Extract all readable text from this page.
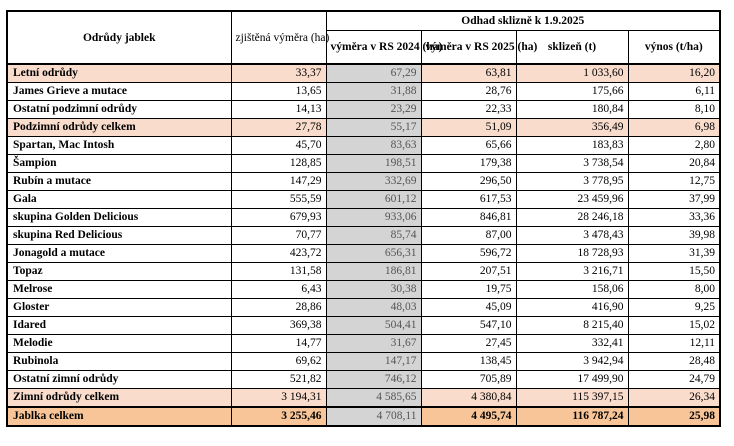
Odrůdy jablek	zjištěná výměra (ha)	Odhad sklizně k 1.9.2025			
		výměra v RS 2024 (ha)	výměra v RS 2025 (ha)	sklizeň (t)	výnos (t/ha)
Letní odrůdy	33,37	67,29	63,81	1 033,60	16,20
James Grieve a mutace	13,65	31,88	28,76	175,66	6,11
Ostatní podzimní odrůdy	14,13	23,29	22,33	180,84	8,10
Podzimní odrůdy celkem	27,78	55,17	51,09	356,49	6,98
Spartan, Mac Intosh	45,70	83,63	65,66	183,83	2,80
Šampion	128,85	198,51	179,38	3 738,54	20,84
Rubín a mutace	147,29	332,69	296,50	3 778,95	12,75
Gala	555,59	601,12	617,53	23 459,96	37,99
skupina Golden Delicious	679,93	933,06	846,81	28 246,18	33,36
skupina Red Delicious	70,77	85,74	87,00	3 478,43	39,98
Jonagold a mutace	423,72	656,31	596,72	18 728,93	31,39
Topaz	131,58	186,81	207,51	3 216,71	15,50
Melrose	6,43	30,38	19,75	158,06	8,00
Gloster	28,86	48,03	45,09	416,90	9,25
Idared	369,38	504,41	547,10	8 215,40	15,02
Melodie	14,77	31,67	27,45	332,41	12,11
Rubinola	69,62	147,17	138,45	3 942,94	28,48
Ostatní zimní odrůdy	521,82	746,12	705,89	17 499,90	24,79
Zimní odrůdy celkem	3 194,31	4 585,65	4 380,84	115 397,15	26,34
Jablka celkem	3 255,46	4 708,11	4 495,74	116 787,24	25,98
